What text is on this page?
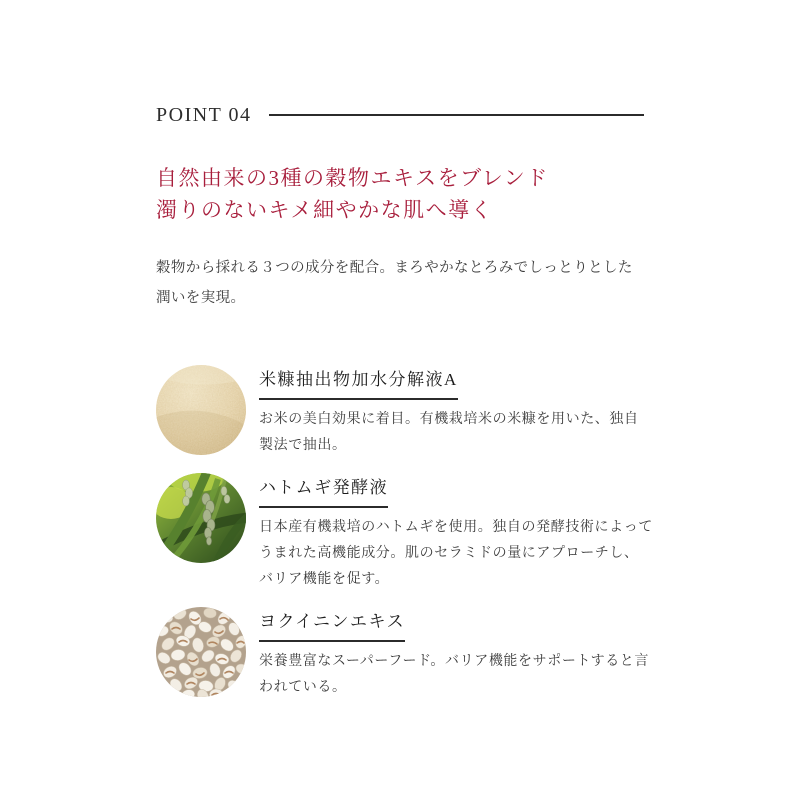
POINT 04
自然由来の3種の穀物エキスをブレンド
濁りのないキメ細やかな肌へ導く

穀物から採れる３つの成分を配合。まろやかなとろみでしっとりとした潤いを実現。

米糠抽出物加水分解液A

お米の美白効果に着目。有機栽培米の米糠を用いた、独自製法で抽出。

ハトムギ発酵液

日本産有機栽培のハトムギを使用。独自の発酵技術によってうまれた高機能成分。肌のセラミドの量にアプローチし、バリア機能を促す。

ヨクイニンエキス

栄養豊富なスーパーフード。バリア機能をサポートすると言われている。
